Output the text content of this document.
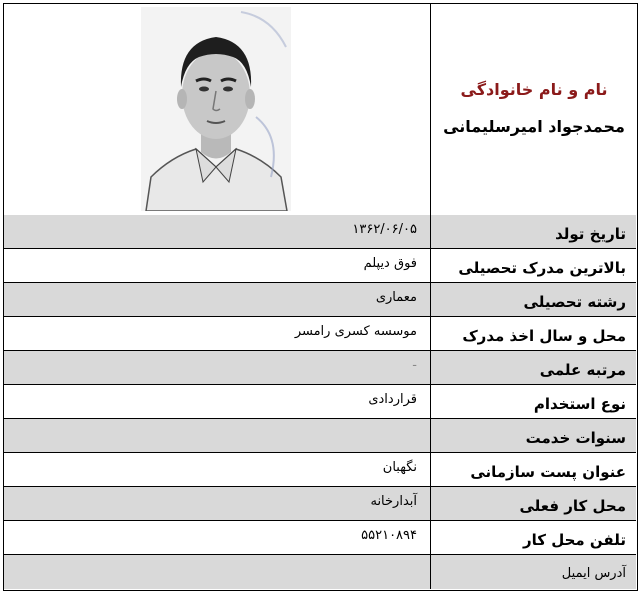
نام و نام خانوادگی
محمدجواد امیرسلیمانی
تاریخ تولد
۱۳۶۲/۰۶/۰۵
بالاترین مدرک تحصیلی
فوق دیپلم
رشته تحصیلی
معماری
محل و سال اخذ مدرک
موسسه کسری رامسر
مرتبه علمی
-
نوع استخدام
قراردادی
سنوات خدمت
عنوان پست سازمانی
نگهبان
محل کار فعلی
آبدارخانه
تلفن محل کار
۵۵۲۱۰۸۹۴
آدرس ایمیل
